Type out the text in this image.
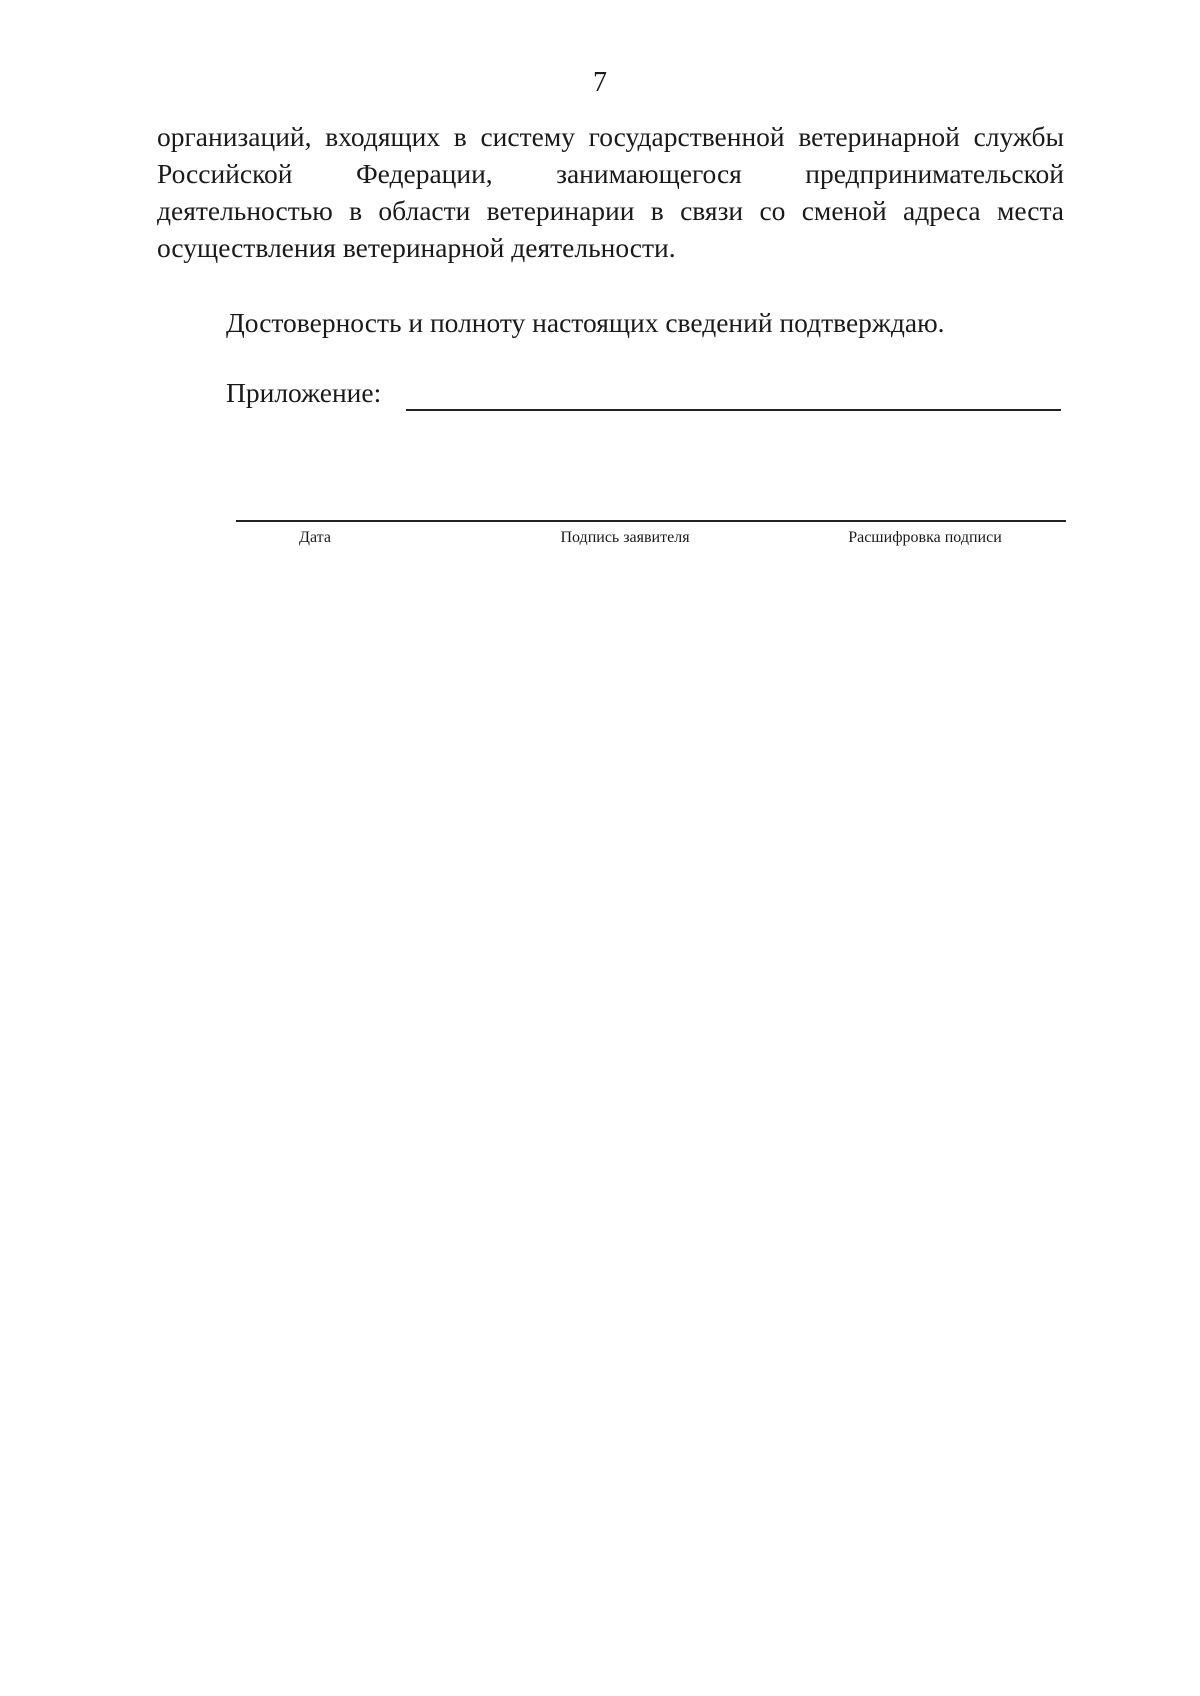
7

организаций, входящих в систему государственной ветеринарной службы Российской Федерации, занимающегося предпринимательской деятельностью в области ветеринарии в связи со сменой адреса места осуществления ветеринарной деятельности.

Достоверность и полноту настоящих сведений подтверждаю.

Приложение:
Дата	Подпись заявителя	Расшифровка подписи
